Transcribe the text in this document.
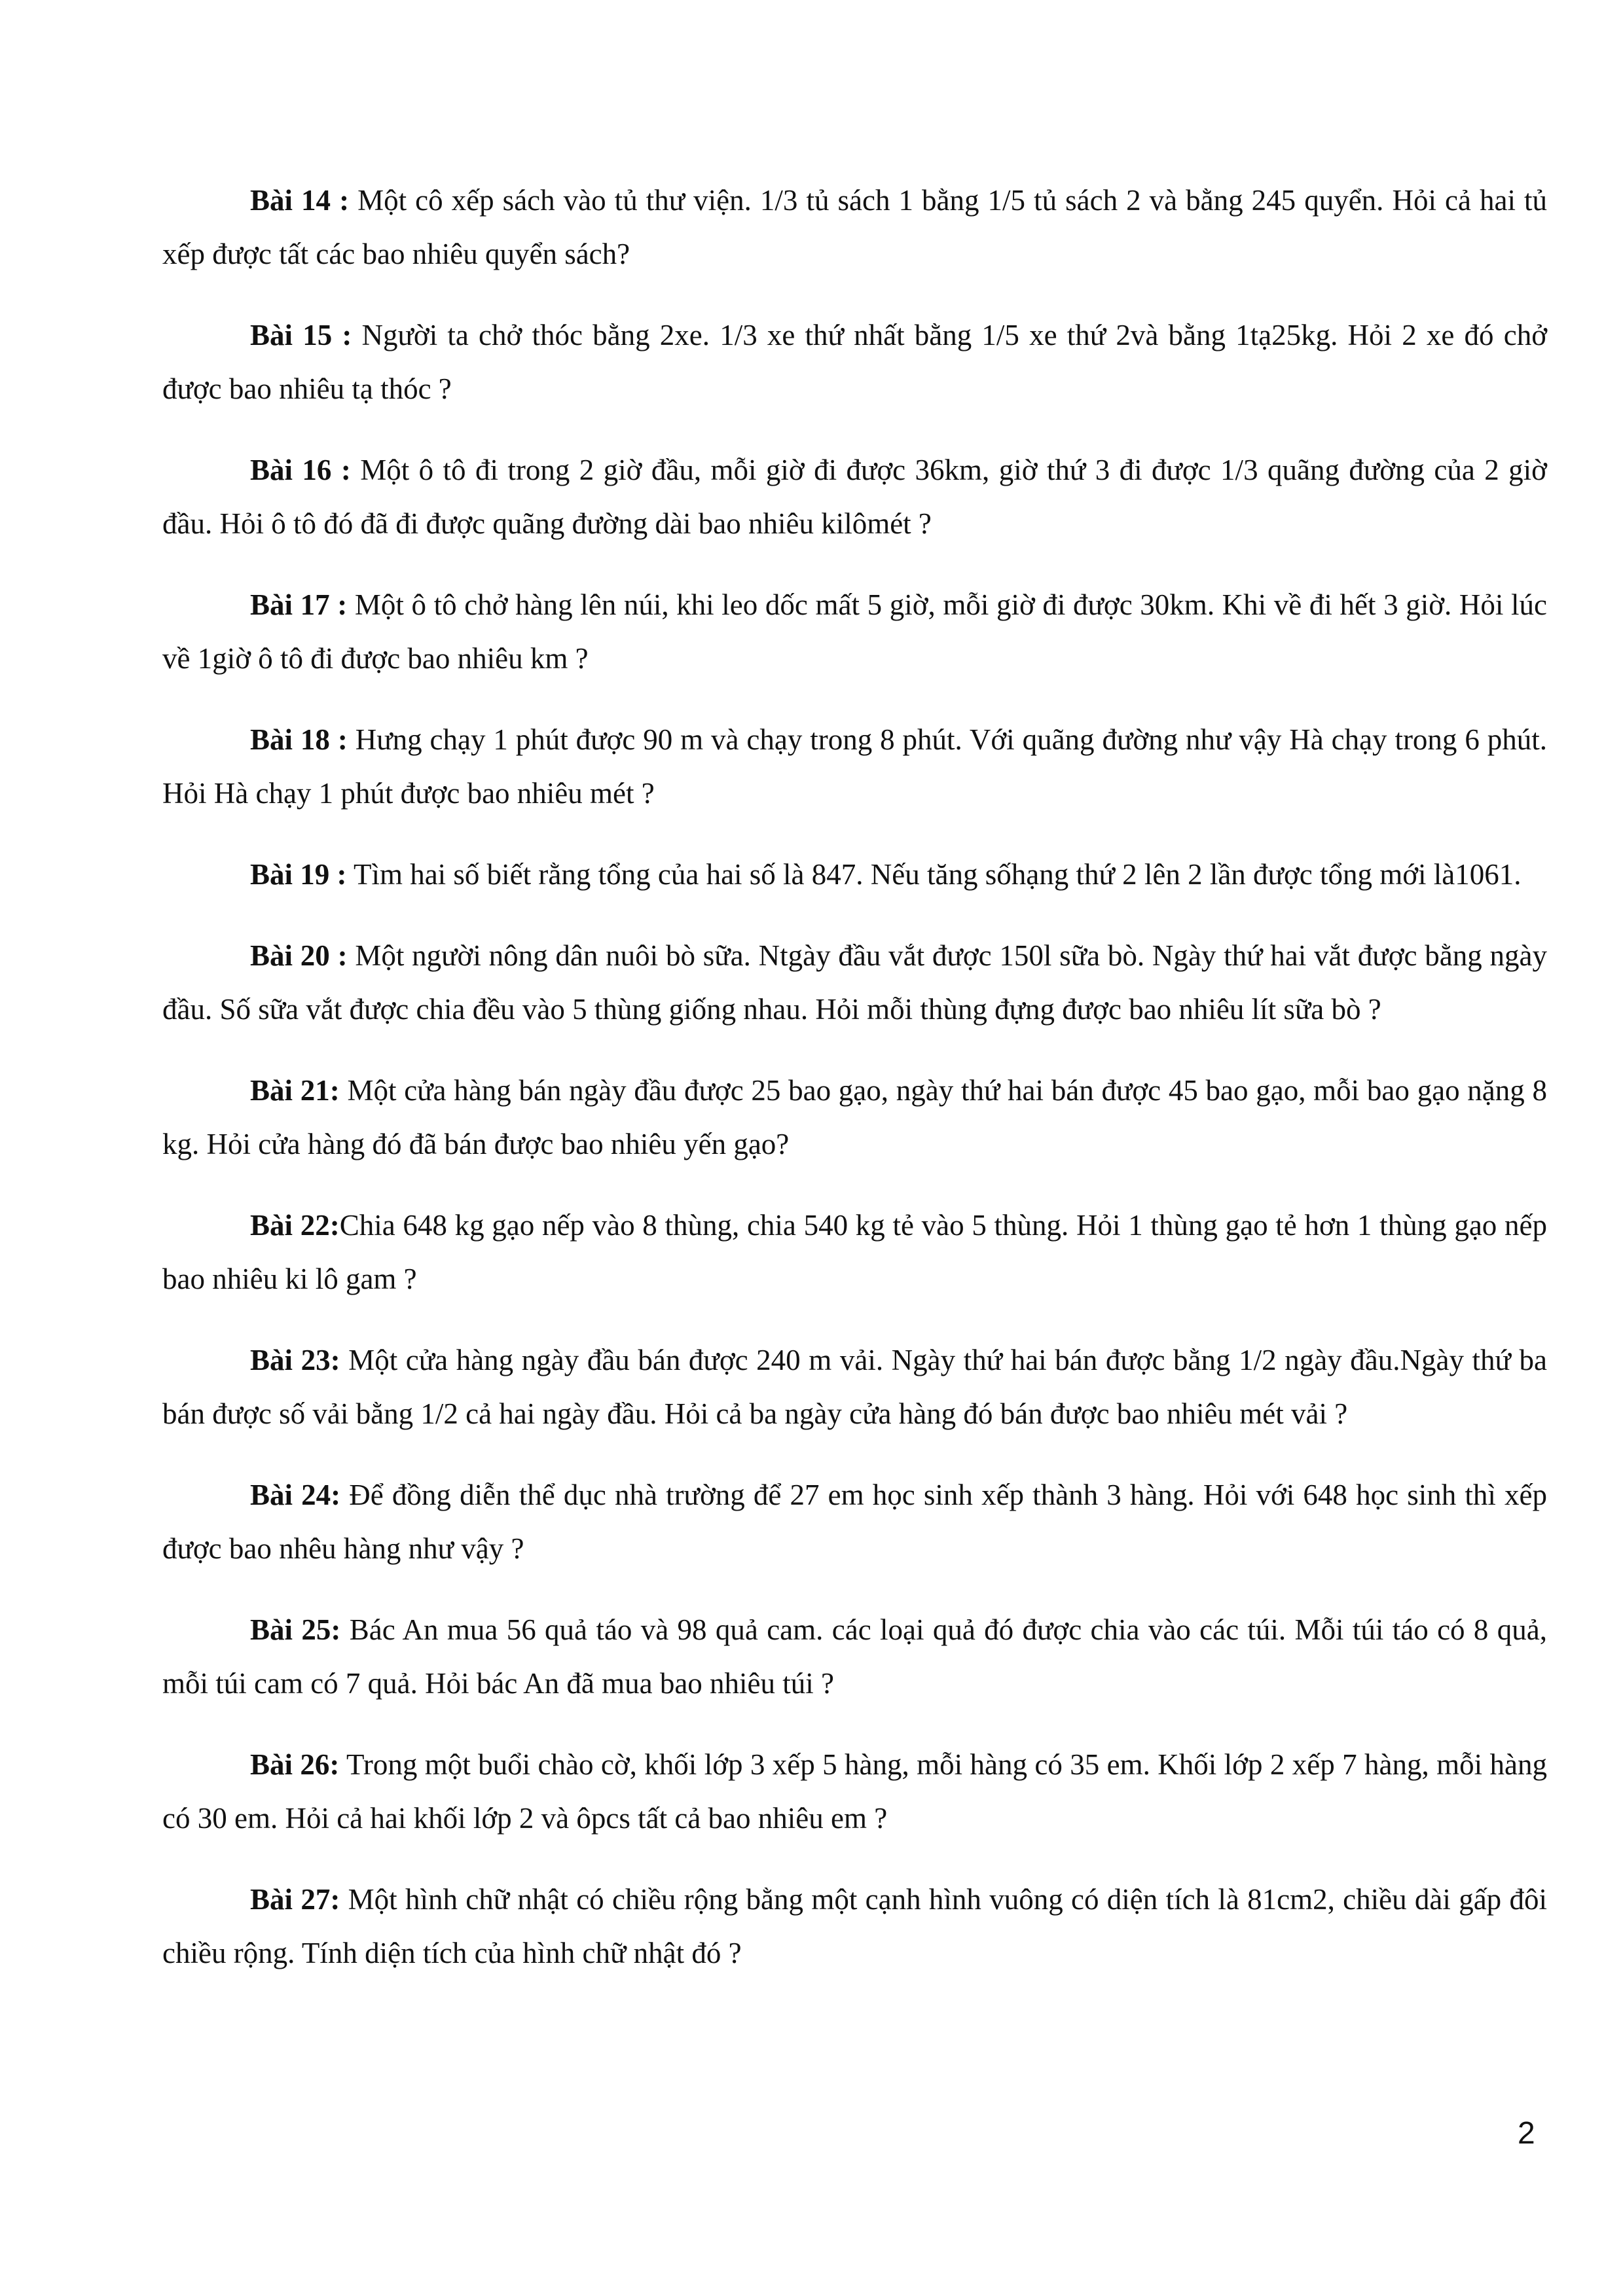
Bài 14 : Một cô xếp sách vào tủ thư viện. 1/3 tủ sách 1 bằng 1/5 tủ sách 2 và bằng 245 quyển. Hỏi cả hai tủ xếp được tất các bao nhiêu quyển sách?

Bài 15 : Người ta chở thóc bằng 2xe. 1/3 xe thứ nhất bằng 1/5 xe thứ 2và bằng 1tạ25kg. Hỏi 2 xe đó chở được bao nhiêu tạ thóc ?

Bài 16 : Một ô tô đi trong 2 giờ đầu, mỗi giờ đi được 36km, giờ thứ 3 đi được 1/3 quãng đường của 2 giờ đầu. Hỏi ô tô đó đã đi được quãng đường dài bao nhiêu kilômét ?

Bài 17 : Một ô tô chở hàng lên núi, khi leo dốc mất 5 giờ, mỗi giờ đi được 30km. Khi về đi hết 3 giờ. Hỏi lúc về 1giờ ô tô đi được bao nhiêu km ?

Bài 18 : Hưng chạy 1 phút được 90 m và chạy trong 8 phút. Với quãng đường như vậy Hà chạy trong 6 phút. Hỏi Hà chạy 1 phút được bao nhiêu mét ?

Bài 19 : Tìm hai số biết rằng tổng của hai số là 847. Nếu tăng sốhạng thứ 2 lên 2 lần được tổng mới là1061.

Bài 20 : Một người nông dân nuôi bò sữa. Ntgày đầu vắt được 150l sữa bò. Ngày thứ hai vắt được bằng ngày đầu. Số sữa vắt được chia đều vào 5 thùng giống nhau. Hỏi mỗi thùng đựng được bao nhiêu lít sữa bò ?

Bài 21: Một cửa hàng bán ngày đầu được 25 bao gạo, ngày thứ hai bán được 45 bao gạo, mỗi bao gạo nặng 8 kg. Hỏi cửa hàng đó đã bán được bao nhiêu yến gạo?

Bài 22:Chia 648 kg gạo nếp vào 8 thùng, chia 540 kg tẻ vào 5 thùng. Hỏi 1 thùng gạo tẻ hơn 1 thùng gạo nếp bao nhiêu ki lô gam ?

Bài 23: Một cửa hàng ngày đầu bán được 240 m vải. Ngày thứ hai bán được bằng 1/2 ngày đầu.Ngày thứ ba bán được số vải bằng 1/2 cả hai ngày đầu. Hỏi cả ba ngày cửa hàng đó bán được bao nhiêu mét vải ?

Bài 24: Để đồng diễn thể dục nhà trường để 27 em học sinh xếp thành 3 hàng. Hỏi với 648 học sinh thì xếp được bao nhêu hàng như vậy ?

Bài 25: Bác An mua 56 quả táo và 98 quả cam. các loại quả đó được chia vào các túi. Mỗi túi táo có 8 quả, mỗi túi cam có 7 quả. Hỏi bác An đã mua bao nhiêu túi ?

Bài 26: Trong một buổi chào cờ, khối lớp 3 xếp 5 hàng, mỗi hàng có 35 em. Khối lớp 2 xếp 7 hàng, mỗi hàng có 30 em. Hỏi cả hai khối lớp 2 và ôpcs tất cả bao nhiêu em ?

Bài 27: Một hình chữ nhật có chiều rộng bằng một cạnh hình vuông có diện tích là 81cm2, chiều dài gấp đôi chiều rộng. Tính diện tích của hình chữ nhật đó ?

2
